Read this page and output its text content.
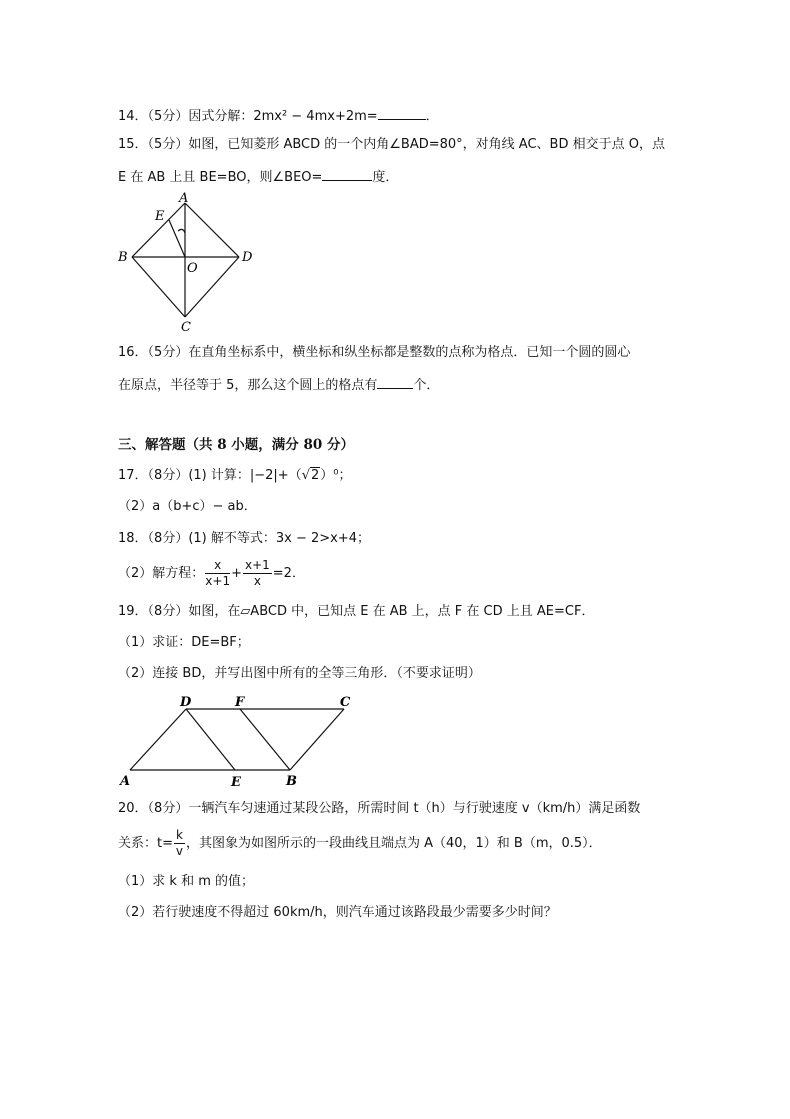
14．（5分）因式分解：2mx² − 4mx+2m=	．
15．（5分）如图，已知菱形 ABCD 的一个内角∠BAD=80°，对角线 AC、BD 相交于点 O，点
E 在 AB 上且 BE=BO，则∠BEO=	度．
A
E
B
O
D
C
16．（5分）在直角坐标系中，横坐标和纵坐标都是整数的点称为格点．已知一个圆的圆心
在原点，半径等于 5，那么这个圆上的格点有	个．
三、解答题（共 8 小题，满分 80 分）
17．（8分）(1) 计算：|−2|+（√2）⁰；
（2）a（b+c）− ab．
18．（8分）(1) 解不等式：3x − 2>x+4；
（2）解方程： $\frac{x}{x+1} + \frac{x+1}{x} =2$．
19．（8分）如图，在▱ABCD 中，已知点 E 在 AB 上，点 F 在 CD 上且 AE=CF．
（1）求证：DE=BF；
（2）连接 BD，并写出图中所有的全等三角形．（不要求证明）
D	F	C
A	E	B
20．（8分）一辆汽车匀速通过某段公路，所需时间 t（h）与行驶速度 v（km/h）满足函数
关系：$t= \frac{k}{v}$ ，其图象为如图所示的一段曲线且端点为 A（40，1）和 B（m，0.5）．
（1）求 k 和 m 的值；
（2）若行驶速度不得超过 60km/h，则汽车通过该路段最少需要多少时间？
